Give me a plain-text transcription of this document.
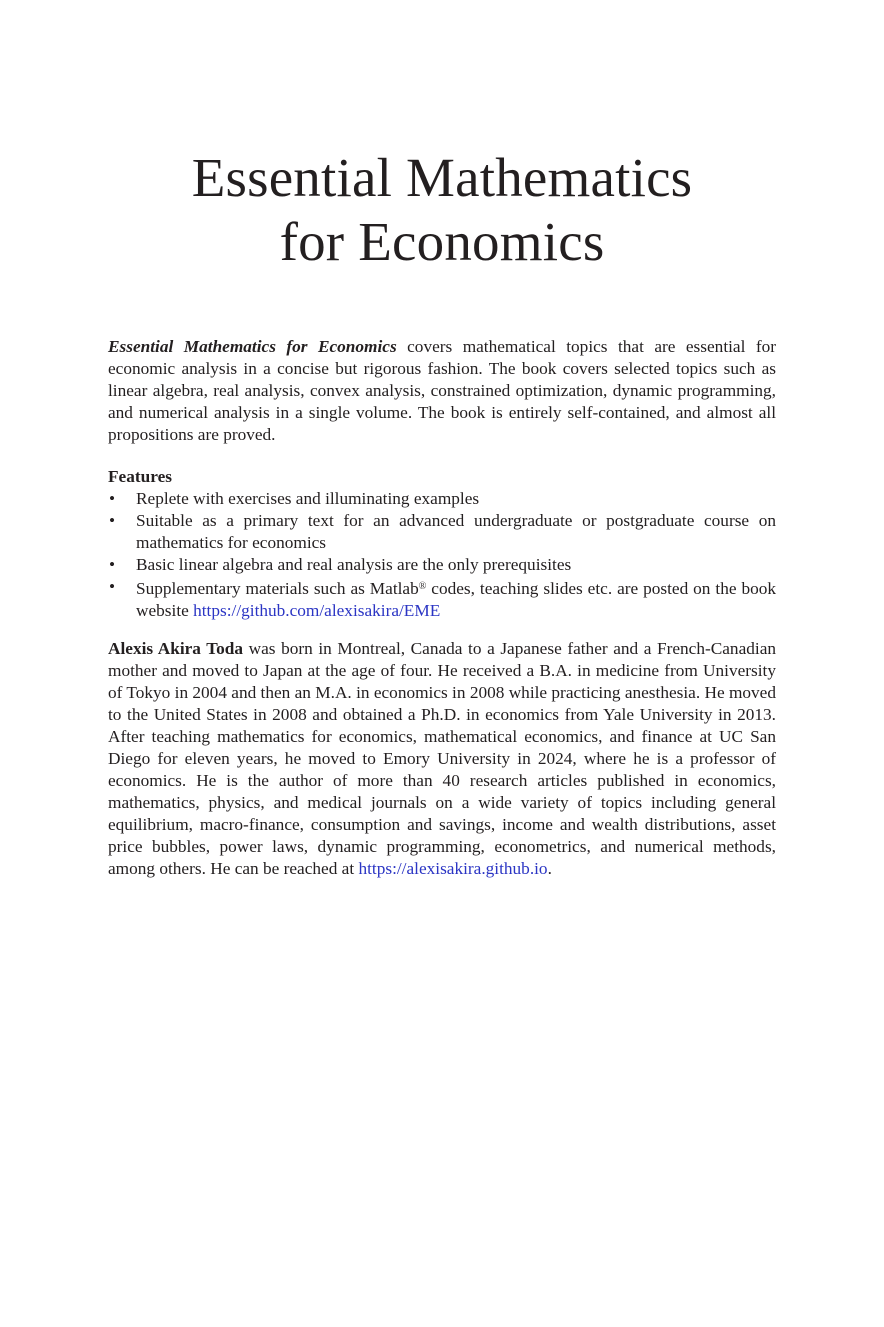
Essential Mathematics
for Economics

Essential Mathematics for Economics covers mathematical topics that are essential for economic analysis in a concise but rigorous fashion. The book covers selected topics such as linear algebra, real analysis, convex analysis, constrained optimization, dynamic programming, and numerical analysis in a single volume. The book is entirely self-contained, and almost all propositions are proved.

Features
•	Replete with exercises and illuminating examples
•	Suitable as a primary text for an advanced undergraduate or postgraduate course on mathematics for economics
•	Basic linear algebra and real analysis are the only prerequisites
•	Supplementary materials such as Matlab® codes, teaching slides etc. are posted on the book website https://github.com/alexisakira/EME

Alexis Akira Toda was born in Montreal, Canada to a Japanese father and a French-Canadian mother and moved to Japan at the age of four. He received a B.A. in medicine from University of Tokyo in 2004 and then an M.A. in economics in 2008 while practicing anesthesia. He moved to the United States in 2008 and obtained a Ph.D. in economics from Yale University in 2013. After teaching mathematics for economics, mathematical economics, and finance at UC San Diego for eleven years, he moved to Emory University in 2024, where he is a professor of economics. He is the author of more than 40 research articles published in economics, mathematics, physics, and medical journals on a wide variety of topics including general equilibrium, macro-finance, consumption and savings, income and wealth distributions, asset price bubbles, power laws, dynamic programming, econometrics, and numerical methods, among others. He can be reached at https://alexisakira.github.io.
